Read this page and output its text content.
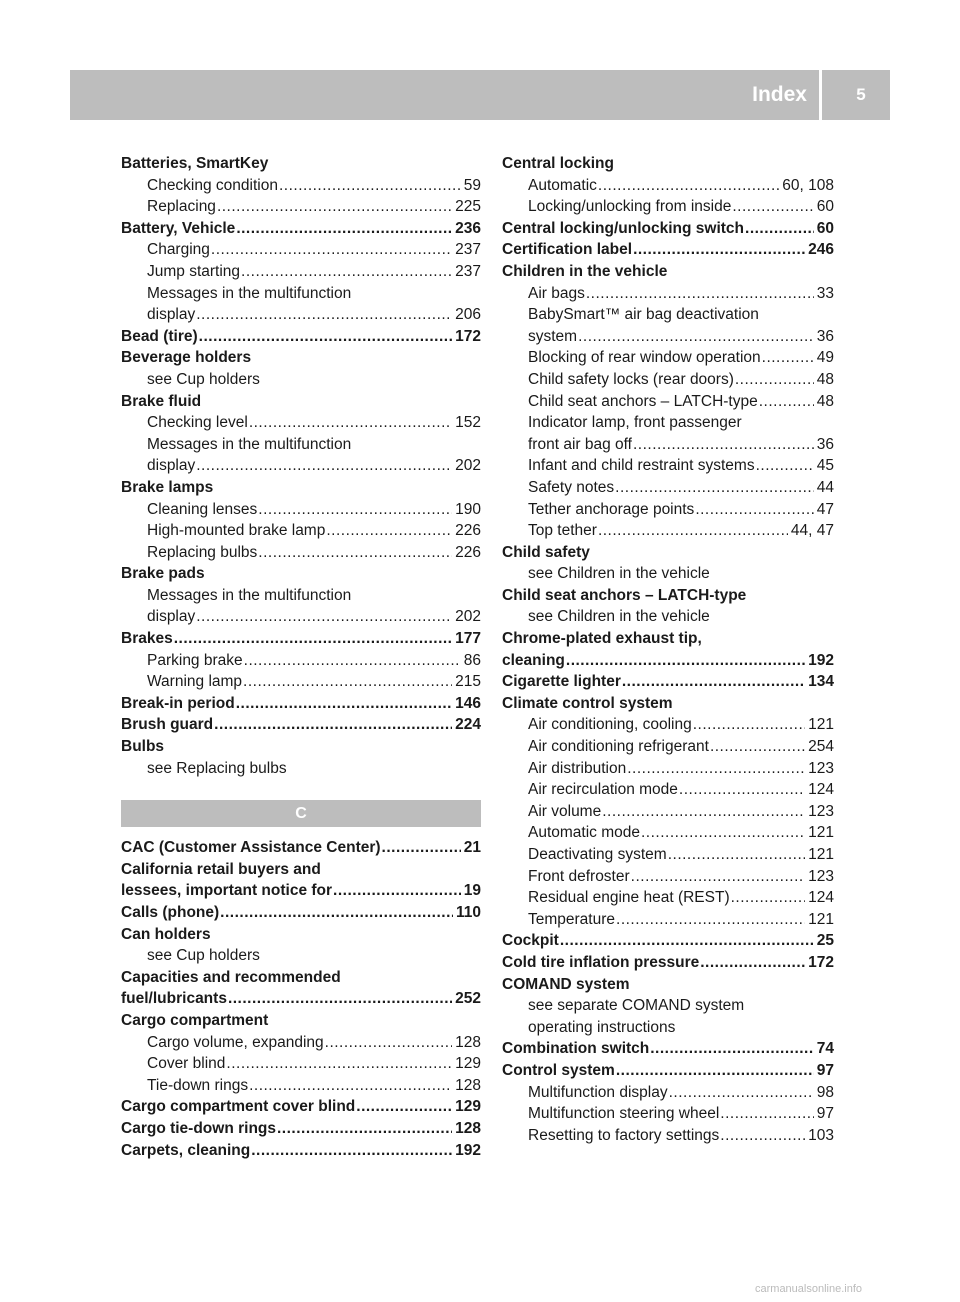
Index	5
Batteries, SmartKey
Checking condition .....	59
Replacing .....	225
Battery, Vehicle .....	236
Charging .....	237
Jump starting .....	237
Messages in the multifunction
display .....	206
Bead (tire) .....	172
Beverage holders
see Cup holders
Brake fluid
Checking level .....	152
Messages in the multifunction
display .....	202
Brake lamps
Cleaning lenses .....	190
High-mounted brake lamp .....	226
Replacing bulbs .....	226
Brake pads
Messages in the multifunction
display .....	202
Brakes .....	177
Parking brake .....	86
Warning lamp .....	215
Break-in period .....	146
Brush guard .....	224
Bulbs
see Replacing bulbs
C
CAC (Customer Assistance Center) .....	21
California retail buyers and
lessees, important notice for .....	19
Calls (phone) .....	110
Can holders
see Cup holders
Capacities and recommended
fuel/lubricants .....	252
Cargo compartment
Cargo volume, expanding .....	128
Cover blind .....	129
Tie-down rings .....	128
Cargo compartment cover blind .....	129
Cargo tie-down rings .....	128
Carpets, cleaning .....	192
Central locking
Automatic .....	60, 108
Locking/unlocking from inside .....	60
Central locking/unlocking switch .....	60
Certification label .....	246
Children in the vehicle
Air bags .....	33
BabySmart™ air bag deactivation
system .....	36
Blocking of rear window operation .....	49
Child safety locks (rear doors) .....	48
Child seat anchors – LATCH-type .....	48
Indicator lamp, front passenger
front air bag off .....	36
Infant and child restraint systems .....	45
Safety notes .....	44
Tether anchorage points .....	47
Top tether .....	44, 47
Child safety
see Children in the vehicle
Child seat anchors – LATCH-type
see Children in the vehicle
Chrome-plated exhaust tip,
cleaning .....	192
Cigarette lighter .....	134
Climate control system
Air conditioning, cooling .....	121
Air conditioning refrigerant .....	254
Air distribution .....	123
Air recirculation mode .....	124
Air volume .....	123
Automatic mode .....	121
Deactivating system .....	121
Front defroster .....	123
Residual engine heat (REST) .....	124
Temperature .....	121
Cockpit .....	25
Cold tire inflation pressure .....	172
COMAND system
see separate COMAND system
operating instructions
Combination switch .....	74
Control system .....	97
Multifunction display .....	98
Multifunction steering wheel .....	97
Resetting to factory settings .....	103
carmanualsonline.info
